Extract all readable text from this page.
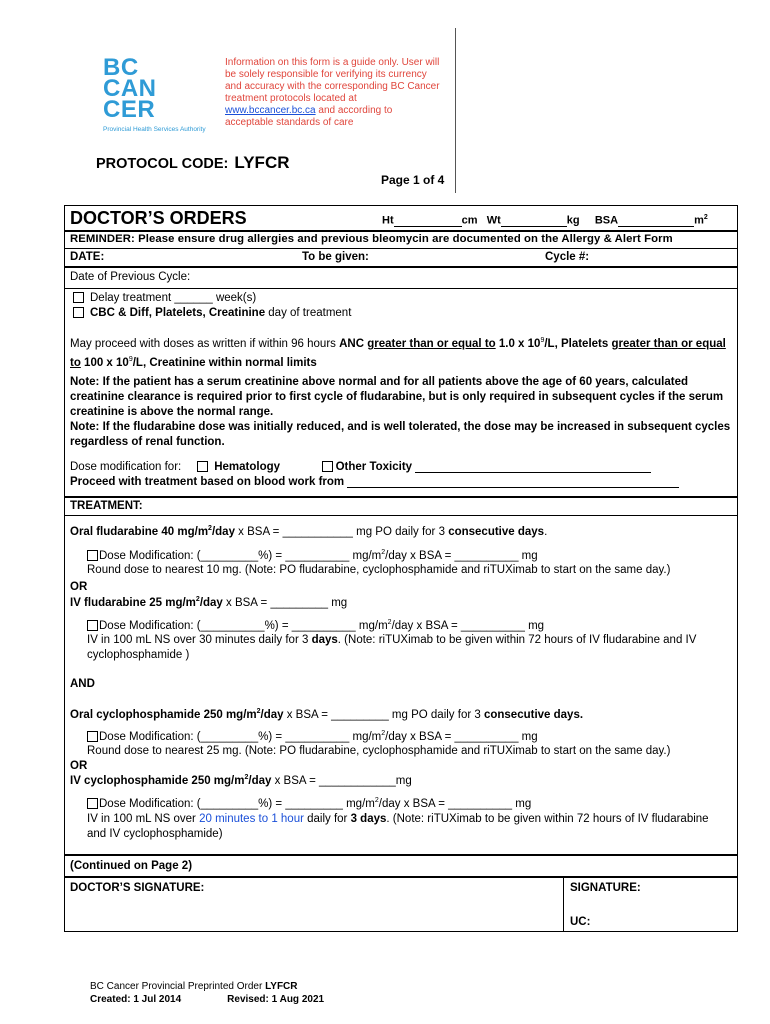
BC
CAN
CER
Provincial Health Services Authority
Information on this form is a guide only. User will be solely responsible for verifying its currency and accuracy with the corresponding BC Cancer treatment protocols located at www.bccancer.bc.ca and according to acceptable standards of care
PROTOCOL CODE: LYFCR
Page 1 of 4
DOCTOR’S ORDERS	Ht	cm Wt	kg BSA	$m^2$
REMINDER: Please ensure drug allergies and previous bleomycin are documented on the Allergy & Alert Form
DATE:	To be given:	Cycle #:
Date of Previous Cycle:
Delay treatment ______ week(s)
CBC & Diff, Platelets, Creatinine day of treatment
May proceed with doses as written if within 96 hours ANC greater than or equal to 1.0 x $10^9/L$, Platelets greater than or equal to 100 x $10^9/L$, Creatinine within normal limits

Note: If the patient has a serum creatinine above normal and for all patients above the age of 60 years, calculated creatinine clearance is required prior to first cycle of fludarabine, but is only required in subsequent cycles if the serum creatinine is above the normal range.

Note: If the fludarabine dose was initially reduced, and is well tolerated, the dose may be increased in subsequent cycles regardless of renal function.

Dose modification for:	Hematology	Other Toxicity
Proceed with treatment based on blood work from
TREATMENT:
Oral fludarabine 40 $mg/m^2$/day x BSA = ___________ mg PO daily for 3 consecutive days.
Dose Modification: (_________%) = __________ $mg/m^2$/day x BSA = __________ mg
Round dose to nearest 10 mg. (Note: PO fludarabine, cyclophosphamide and riTUXimab to start on the same day.)
OR
IV fludarabine 25 $mg/m^2$/day x BSA = _________ mg
Dose Modification: (__________%) = __________ $mg/m^2$/day x BSA = __________ mg
IV in 100 mL NS over 30 minutes daily for 3 days. (Note: riTUXimab to be given within 72 hours of IV fludarabine and IV cyclophosphamide )
AND
Oral cyclophosphamide 250 $mg/m^2$/day x BSA = _________ mg PO daily for 3 consecutive days.
Dose Modification: (_________%) = __________ $mg/m^2$/day x BSA = __________ mg
Round dose to nearest 25 mg. (Note: PO fludarabine, cyclophosphamide and riTUXimab to start on the same day.)
OR
IV cyclophosphamide 250 $mg/m^2$/day x BSA = ____________mg
Dose Modification: (_________%) = _________ $mg/m^2$/day x BSA = __________ mg
IV in 100 mL NS over 20 minutes to 1 hour daily for 3 days. (Note: riTUXimab to be given within 72 hours of IV fludarabine and IV cyclophosphamide)
(Continued on Page 2)
DOCTOR’S SIGNATURE:	SIGNATURE:
UC:
BC Cancer Provincial Preprinted Order LYFCR
Created: 1 Jul 2014	Revised: 1 Aug 2021
